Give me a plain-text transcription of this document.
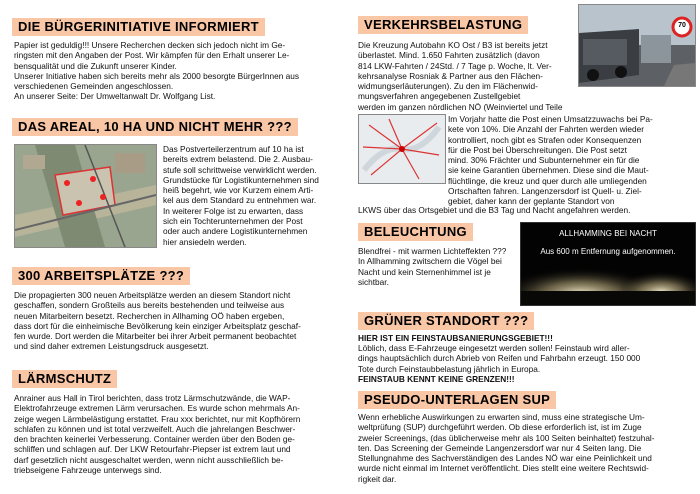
DIE BÜRGERINITIATIVE INFORMIERT
Papier ist geduldig!!! Unsere Recherchen decken sich jedoch nicht im Ge-
ringsten mit den Angaben der Post. Wir kämpfen für den Erhalt unserer Le-
bensqualität und die Zukunft unserer Kinder.
Unserer Initiative haben sich bereits mehr als 2000 besorgte BürgerInnen aus
verschiedenen Gemeinden angeschlossen.
An unserer Seite: Der Umweltanwalt Dr. Wolfgang List.
DAS AREAL, 10 HA UND NICHT MEHR ???
Das Postverteilerzentrum auf 10 ha ist
bereits extrem belastend. Die 2. Ausbau-
stufe soll schrittweise verwirklicht werden.
Grundstücke für Logistikunternehmen sind
heiß begehrt, wie vor Kurzem einem Arti-
kel aus dem Standard zu entnehmen war.
In weiterer Folge ist zu erwarten, dass
sich ein Tochterunternehmen der Post
oder auch andere Logistikunternehmen
hier ansiedeln werden.
300 ARBEITSPLÄTZE ???
Die propagierten 300 neuen Arbeitsplätze werden an diesem Standort nicht
geschaffen, sondern Großteils aus bereits bestehenden und teilweise aus
neuen Mitarbeitern besetzt. Recherchen in Allhaming OÖ haben ergeben,
dass dort für die einheimische Bevölkerung kein einziger Arbeitsplatz geschaf-
fen wurde. Dort werden die Mitarbeiter bei ihrer Arbeit permanent beobachtet
und sind daher extremen Leistungsdruck ausgesetzt.
LÄRMSCHUTZ
Anrainer aus Hall in Tirol berichten, dass trotz Lärmschutzwände, die WAP-
Elektrofahrzeuge extremen Lärm verursachen. Es wurde schon mehrmals An-
zeige wegen Lärmbelästigung erstattet. Frau xxx berichtet, nur mit Kopfhörern
schlafen zu können und ist total verzweifelt. Auch die jahrelangen Beschwer-
den brachten keinerlei Verbesserung. Container werden über den Boden ge-
schliffen und schlagen auf. Der LKW Retourfahr-Piepser ist extrem laut und
darf gesetzlich nicht ausgeschaltet werden, wenn nicht ausschließlich be-
triebseigene Fahrzeuge unterwegs sind.
VERKEHRSBELASTUNG	70
Die Kreuzung Autobahn KO Ost / B3 ist bereits jetzt
überlastet. Mind. 1.650 Fahrten zusätzlich (davon
814 LKW-Fahrten / 24Std. / 7 Tage p. Woche, lt. Ver-
kehrsanalyse Rosniak & Partner aus den Flächen-
widmungserläuterungen). Zu den im Flächenwid-
mungsverfahren angegebenen Zustellgebiet
werden im ganzen nördlichen NÖ (Weinviertel und Teile

Im Vorjahr hatte die Post einen Umsatzzuwachs bei Pa-
kete von 10%. Die Anzahl der Fahrten werden wieder
kontrolliert, noch gibt es Strafen oder Konsequenzen
für die Post bei Überschreitungen. Die Post setzt
mind. 30% Frächter und Subunternehmer ein für die
sie keine Garantien übernehmen. Diese sind die Maut-
flüchtlinge, die kreuz und quer durch alle umliegenden
Ortschaften fahren. Langenzersdorf ist Quell- u. Ziel-
gebiet, daher kann der geplante Standort von
LKWS über das Ortsgebiet und die B3 Tag und Nacht angefahren werden.
BELEUCHTUNG
Blendfrei - mit warmen Lichteffekten ???
In Allhamming zwitschern die Vögel bei
Nacht und kein Sternenhimmel ist je
sichtbar.
ALLHAMMING BEI NACHT
Aus 600 m Entfernung aufgenommen.
GRÜNER STANDORT ???
HIER IST EIN FEINSTAUBSANIERUNGSGEBIET!!!
Löblich, dass E-Fahrzeuge eingesetzt werden sollen! Feinstaub wird aller-
dings hauptsächlich durch Abrieb von Reifen und Fahrbahn erzeugt. 150 000
Tote durch Feinstaubbelastung jährlich in Europa.
FEINSTAUB KENNT KEINE GRENZEN!!!
PSEUDO-UNTERLAGEN SUP
Wenn erhebliche Auswirkungen zu erwarten sind, muss eine strategische Um-
weltprüfung (SUP) durchgeführt werden. Ob diese erforderlich ist, ist im Zuge
zweier Screenings, (das üblicherweise mehr als 100 Seiten beinhaltet) festzuhal-
ten. Das Screening der Gemeinde Langenzersdorf war nur 4 Seiten lang. Die
Stellungnahme des Sachverständigen des Landes NÖ war eine Peinlichkeit und
wurde nicht einmal im Internet veröffentlicht. Dies stellt eine weitere Rechtswid-
rigkeit dar.
